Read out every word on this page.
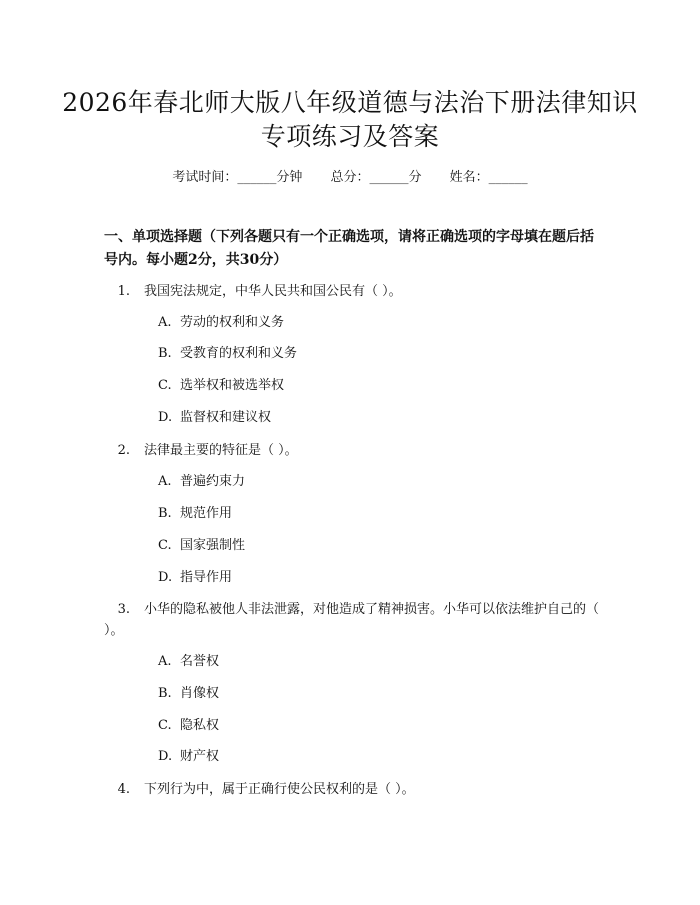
2026年春北师大版八年级道德与法治下册法律知识专项练习及答案
考试时间：______分钟 总分：______分 姓名：______
一、单项选择题（下列各题只有一个正确选项，请将正确选项的字母填在题后括号内。每小题2分，共30分）
1. 我国宪法规定，中华人民共和国公民有（ ）。
A. 劳动的权利和义务
B. 受教育的权利和义务
C. 选举权和被选举权
D. 监督权和建议权
2. 法律最主要的特征是（ ）。
A. 普遍约束力
B. 规范作用
C. 国家强制性
D. 指导作用
3. 小华的隐私被他人非法泄露，对他造成了精神损害。小华可以依法维护自己的（ ）。
A. 名誉权
B. 肖像权
C. 隐私权
D. 财产权
4. 下列行为中，属于正确行使公民权利的是（ ）。
